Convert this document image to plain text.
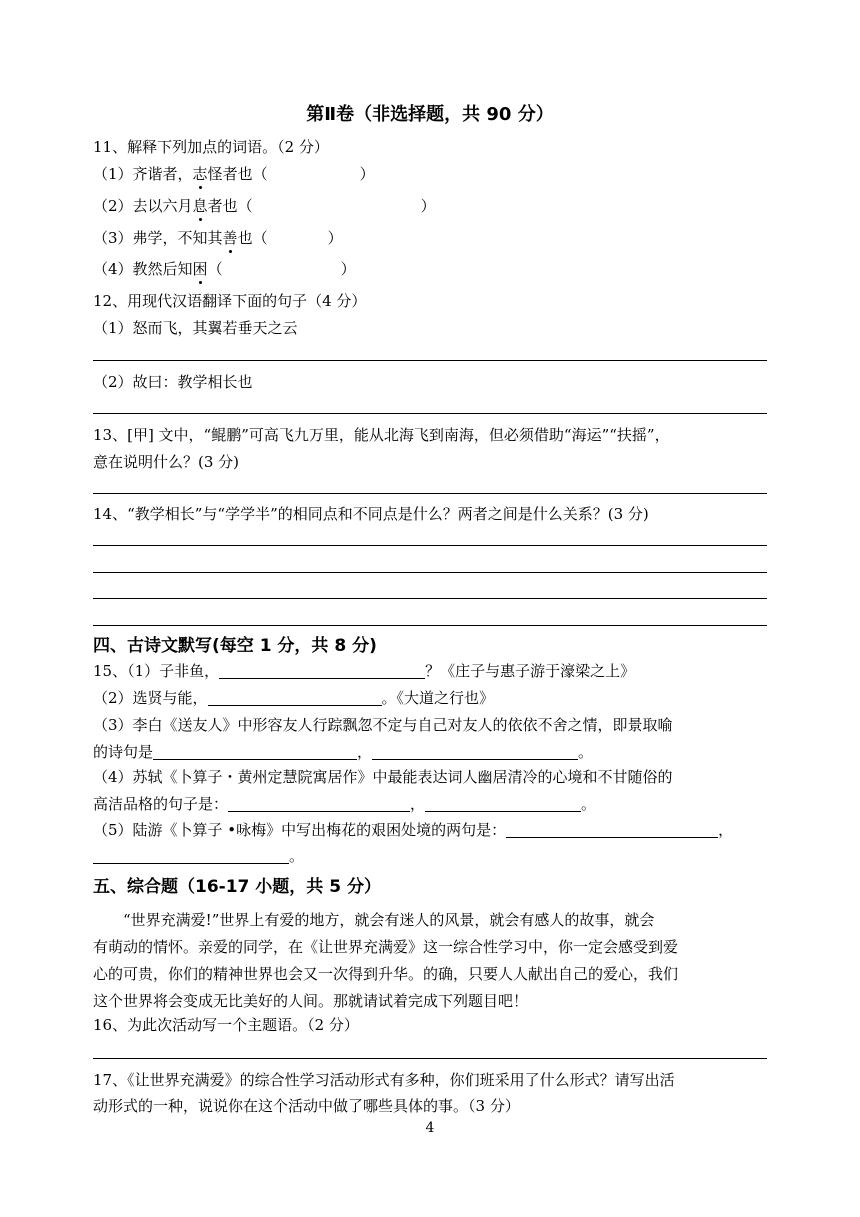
第Ⅱ卷（非选择题，共 90 分）
11、解释下列加点的词语。（2 分）
（1）齐谐者，志怪者也（	）
（2）去以六月息者也（	）
（3）弗学，不知其善也（	）
（4）教然后知困（	）
12、用现代汉语翻译下面的句子（4 分）
（1）怒而飞，其翼若垂天之云
（2）故曰：教学相长也
13、[甲] 文中，“鲲鹏”可高飞九万里，能从北海飞到南海，但必须借助“海运”“扶摇”，
意在说明什么？(3 分)
14、“教学相长”与“学学半”的相同点和不同点是什么？两者之间是什么关系？(3 分)
四、古诗文默写(每空 1 分，共 8 分)
15、（1）子非鱼，	？《庄子与惠子游于濠梁之上》
（2）选贤与能，	。《大道之行也》
（3）李白《送友人》中形容友人行踪飘忽不定与自己对友人的依依不舍之情，即景取喻
的诗句是	，	。
（4）苏轼《卜算子・黄州定慧院寓居作》中最能表达词人幽居清冷的心境和不甘随俗的
高洁品格的句子是：	，	。
（5）陆游《卜算子 •咏梅》中写出梅花的艰困处境的两句是：	，
。
五、综合题（16-17 小题，共 5 分）
“世界充满爱!”世界上有爱的地方，就会有迷人的风景，就会有感人的故事，就会
有萌动的情怀。亲爱的同学，在《让世界充满爱》这一综合性学习中，你一定会感受到爱
心的可贵，你们的精神世界也会又一次得到升华。的确，只要人人献出自己的爱心，我们
这个世界将会变成无比美好的人间。那就请试着完成下列题目吧！
16、为此次活动写一个主题语。（2 分）
17、《让世界充满爱》的综合性学习活动形式有多种，你们班采用了什么形式？请写出活
动形式的一种，说说你在这个活动中做了哪些具体的事。（3 分）
4
